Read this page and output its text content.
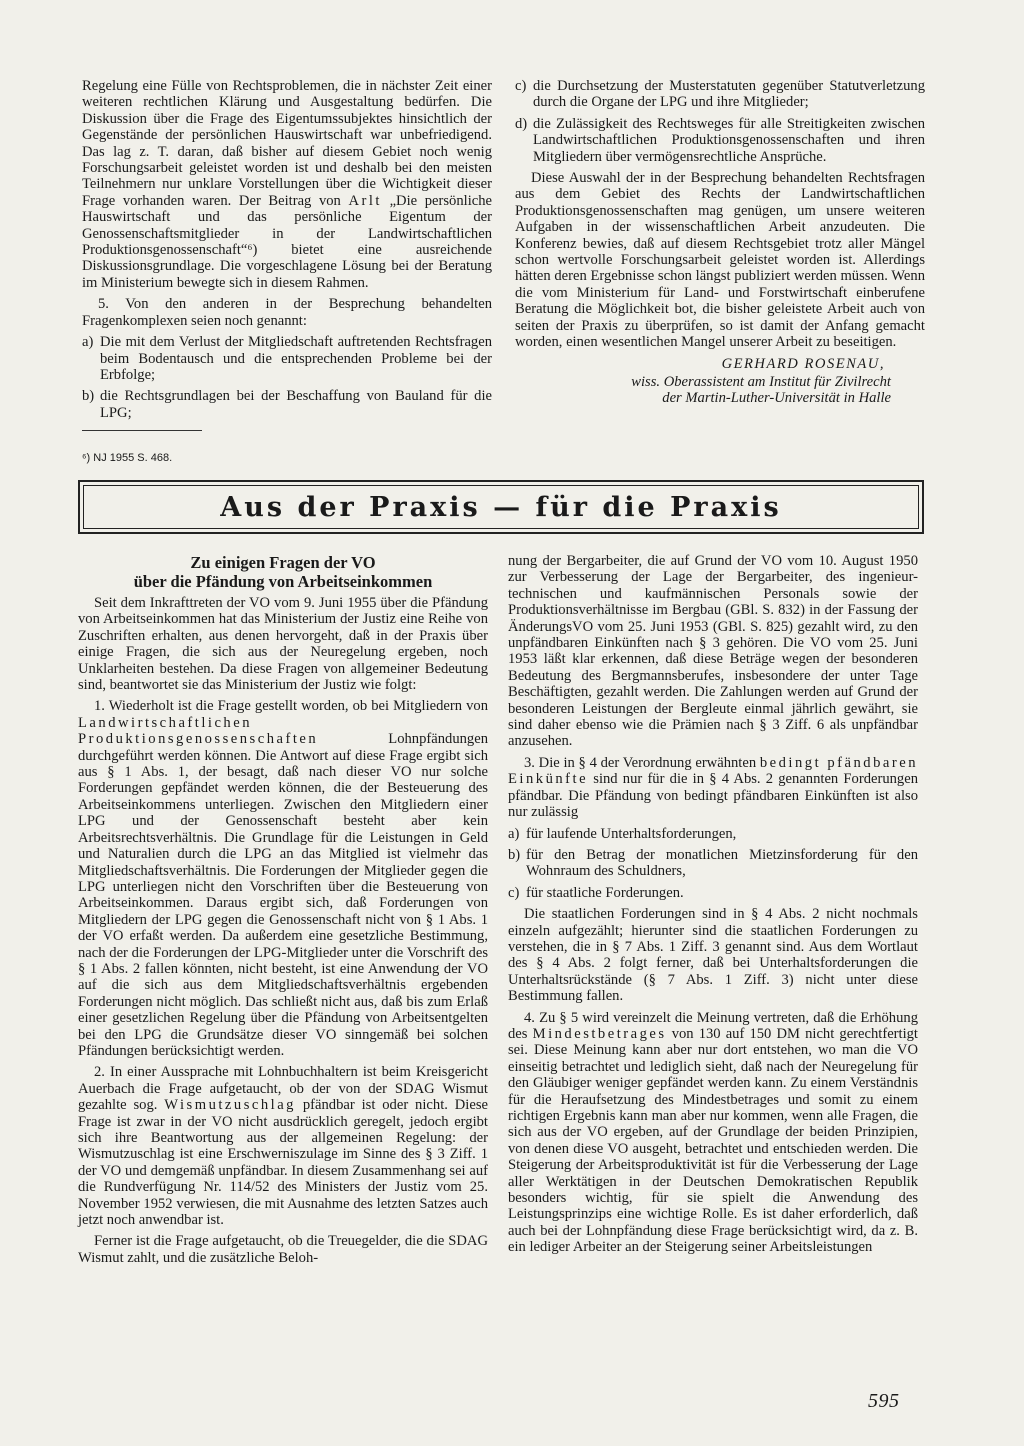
Regelung eine Fülle von Rechtsproblemen, die in nächster Zeit einer weiteren rechtlichen Klärung und Ausgestaltung bedürfen. Die Diskussion über die Frage des Eigentumssubjektes hinsichtlich der Gegenstände der persönlichen Hauswirtschaft war unbefriedigend. Das lag z. T. daran, daß bisher auf diesem Gebiet noch wenig Forschungsarbeit geleistet worden ist und deshalb bei den meisten Teilnehmern nur unklare Vorstellungen über die Wichtigkeit dieser Frage vorhanden waren. Der Beitrag von Arlt „Die persönliche Hauswirtschaft und das persönliche Eigentum der Genossenschaftsmitglieder in der Landwirtschaftlichen Produktionsgenossenschaft“⁶) bietet eine ausreichende Diskussionsgrundlage. Die vorgeschlagene Lösung bei der Beratung im Ministerium bewegte sich in diesem Rahmen.

5. Von den anderen in der Besprechung behandelten Fragenkomplexen seien noch genannt:

a) Die mit dem Verlust der Mitgliedschaft auftretenden Rechtsfragen beim Bodentausch und die entsprechenden Probleme bei der Erbfolge;

b) die Rechtsgrundlagen bei der Beschaffung von Bauland für die LPG;

⁶) NJ 1955 S. 468.

c) die Durchsetzung der Musterstatuten gegenüber Statutverletzung durch die Organe der LPG und ihre Mitglieder;

d) die Zulässigkeit des Rechtsweges für alle Streitigkeiten zwischen Landwirtschaftlichen Produktionsgenossenschaften und ihren Mitgliedern über vermögensrechtliche Ansprüche.

Diese Auswahl der in der Besprechung behandelten Rechtsfragen aus dem Gebiet des Rechts der Landwirtschaftlichen Produktionsgenossenschaften mag genügen, um unsere weiteren Aufgaben in der wissenschaftlichen Arbeit anzudeuten. Die Konferenz bewies, daß auf diesem Rechtsgebiet trotz aller Mängel schon wertvolle Forschungsarbeit geleistet worden ist. Allerdings hätten deren Ergebnisse schon längst publiziert werden müssen. Wenn die vom Ministerium für Land- und Forstwirtschaft einberufene Beratung die Möglichkeit bot, die bisher geleistete Arbeit auch von seiten der Praxis zu überprüfen, so ist damit der Anfang gemacht worden, einen wesentlichen Mangel unserer Arbeit zu beseitigen.

GERHARD ROSENAU,
wiss. Oberassistent am Institut für Zivilrecht
der Martin-Luther-Universität in Halle
Aus der Praxis — für die Praxis
Zu einigen Fragen der VO
über die Pfändung von Arbeitseinkommen

Seit dem Inkrafttreten der VO vom 9. Juni 1955 über die Pfändung von Arbeitseinkommen hat das Ministerium der Justiz eine Reihe von Zuschriften erhalten, aus denen hervorgeht, daß in der Praxis über einige Fragen, die sich aus der Neuregelung ergeben, noch Unklarheiten bestehen. Da diese Fragen von allgemeiner Bedeutung sind, beantwortet sie das Ministerium der Justiz wie folgt:

1. Wiederholt ist die Frage gestellt worden, ob bei Mitgliedern von Landwirtschaftlichen Produktionsgenossenschaften	Lohnpfändungen durchgeführt werden können. Die Antwort auf diese Frage ergibt sich aus § 1 Abs. 1, der besagt, daß nach dieser VO nur solche Forderungen gepfändet werden können, die der Besteuerung des Arbeitseinkommens unterliegen. Zwischen den Mitgliedern einer LPG und der Genossenschaft besteht aber kein Arbeitsrechtsverhältnis. Die Grundlage für die Leistungen in Geld und Naturalien durch die LPG an das Mitglied ist vielmehr das Mitgliedschaftsverhältnis. Die Forderungen der Mitglieder gegen die LPG unterliegen nicht den Vorschriften über die Besteuerung von Arbeitseinkommen. Daraus ergibt sich, daß Forderungen von Mitgliedern der LPG gegen die Genossenschaft nicht von § 1 Abs. 1 der VO erfaßt werden. Da außerdem eine gesetzliche Bestimmung, nach der die Forderungen der LPG-Mitglieder unter die Vorschrift des § 1 Abs. 2 fallen könnten, nicht besteht, ist eine Anwendung der VO auf die sich aus dem Mitgliedschaftsverhältnis ergebenden Forderungen nicht möglich. Das schließt nicht aus, daß bis zum Erlaß einer gesetzlichen Regelung über die Pfändung von Arbeitsentgelten bei den LPG die Grundsätze dieser VO sinngemäß bei solchen Pfändungen berücksichtigt werden.

2. In einer Aussprache mit Lohnbuchhaltern ist beim Kreisgericht Auerbach die Frage aufgetaucht, ob der von der SDAG Wismut gezahlte sog. Wismutzuschlag pfändbar ist oder nicht. Diese Frage ist zwar in der VO nicht ausdrücklich geregelt, jedoch ergibt sich ihre Beantwortung aus der allgemeinen Regelung: der Wismutzuschlag ist eine Erschwerniszulage im Sinne des § 3 Ziff. 1 der VO und demgemäß unpfändbar. In diesem Zusammenhang sei auf die Rundverfügung Nr. 114/52 des Ministers der Justiz vom 25. November 1952 verwiesen, die mit Ausnahme des letzten Satzes auch jetzt noch anwendbar ist.

Ferner ist die Frage aufgetaucht, ob die Treuegelder, die die SDAG Wismut zahlt, und die zusätzliche Beloh-

nung der Bergarbeiter, die auf Grund der VO vom 10. August 1950 zur Verbesserung der Lage der Bergarbeiter, des ingenieur-technischen und kaufmännischen Personals sowie der Produktionsverhältnisse im Bergbau (GBl. S. 832) in der Fassung der ÄnderungsVO vom 25. Juni 1953 (GBl. S. 825) gezahlt wird, zu den unpfändbaren Einkünften nach § 3 gehören. Die VO vom 25. Juni 1953 läßt klar erkennen, daß diese Beträge wegen der besonderen Bedeutung des Bergmannsberufes, insbesondere der unter Tage Beschäftigten, gezahlt werden. Die Zahlungen werden auf Grund der besonderen Leistungen der Bergleute einmal jährlich gewährt, sie sind daher ebenso wie die Prämien nach § 3 Ziff. 6 als unpfändbar anzusehen.

3. Die in § 4 der Verordnung erwähnten bedingt pfändbaren Einkünfte sind nur für die in § 4 Abs. 2 genannten Forderungen pfändbar. Die Pfändung von bedingt pfändbaren Einkünften ist also nur zulässig

a) für laufende Unterhaltsforderungen,

b) für den Betrag der monatlichen Mietzinsforderung für den Wohnraum des Schuldners,

c) für staatliche Forderungen.

Die staatlichen Forderungen sind in § 4 Abs. 2 nicht nochmals einzeln aufgezählt; hierunter sind die staatlichen Forderungen zu verstehen, die in § 7 Abs. 1 Ziff. 3 genannt sind. Aus dem Wortlaut des § 4 Abs. 2 folgt ferner, daß bei Unterhaltsforderungen die Unterhaltsrückstände (§ 7 Abs. 1 Ziff. 3) nicht unter diese Bestimmung fallen.

4. Zu § 5 wird vereinzelt die Meinung vertreten, daß die Erhöhung des Mindestbetrages von 130 auf 150 DM nicht gerechtfertigt sei. Diese Meinung kann aber nur dort entstehen, wo man die VO einseitig betrachtet und lediglich sieht, daß nach der Neuregelung für den Gläubiger weniger gepfändet werden kann. Zu einem Verständnis für die Heraufsetzung des Mindestbetrages und somit zu einem richtigen Ergebnis kann man aber nur kommen, wenn alle Fragen, die sich aus der VO ergeben, auf der Grundlage der beiden Prinzipien, von denen diese VO ausgeht, betrachtet und entschieden werden. Die Steigerung der Arbeitsproduktivität ist für die Verbesserung der Lage aller Werktätigen in der Deutschen Demokratischen Republik besonders wichtig, für sie spielt die Anwendung des Leistungsprinzips eine wichtige Rolle. Es ist daher erforderlich, daß auch bei der Lohnpfändung diese Frage berücksichtigt wird, da z. B. ein lediger Arbeiter an der Steigerung seiner Arbeitsleistungen

595
